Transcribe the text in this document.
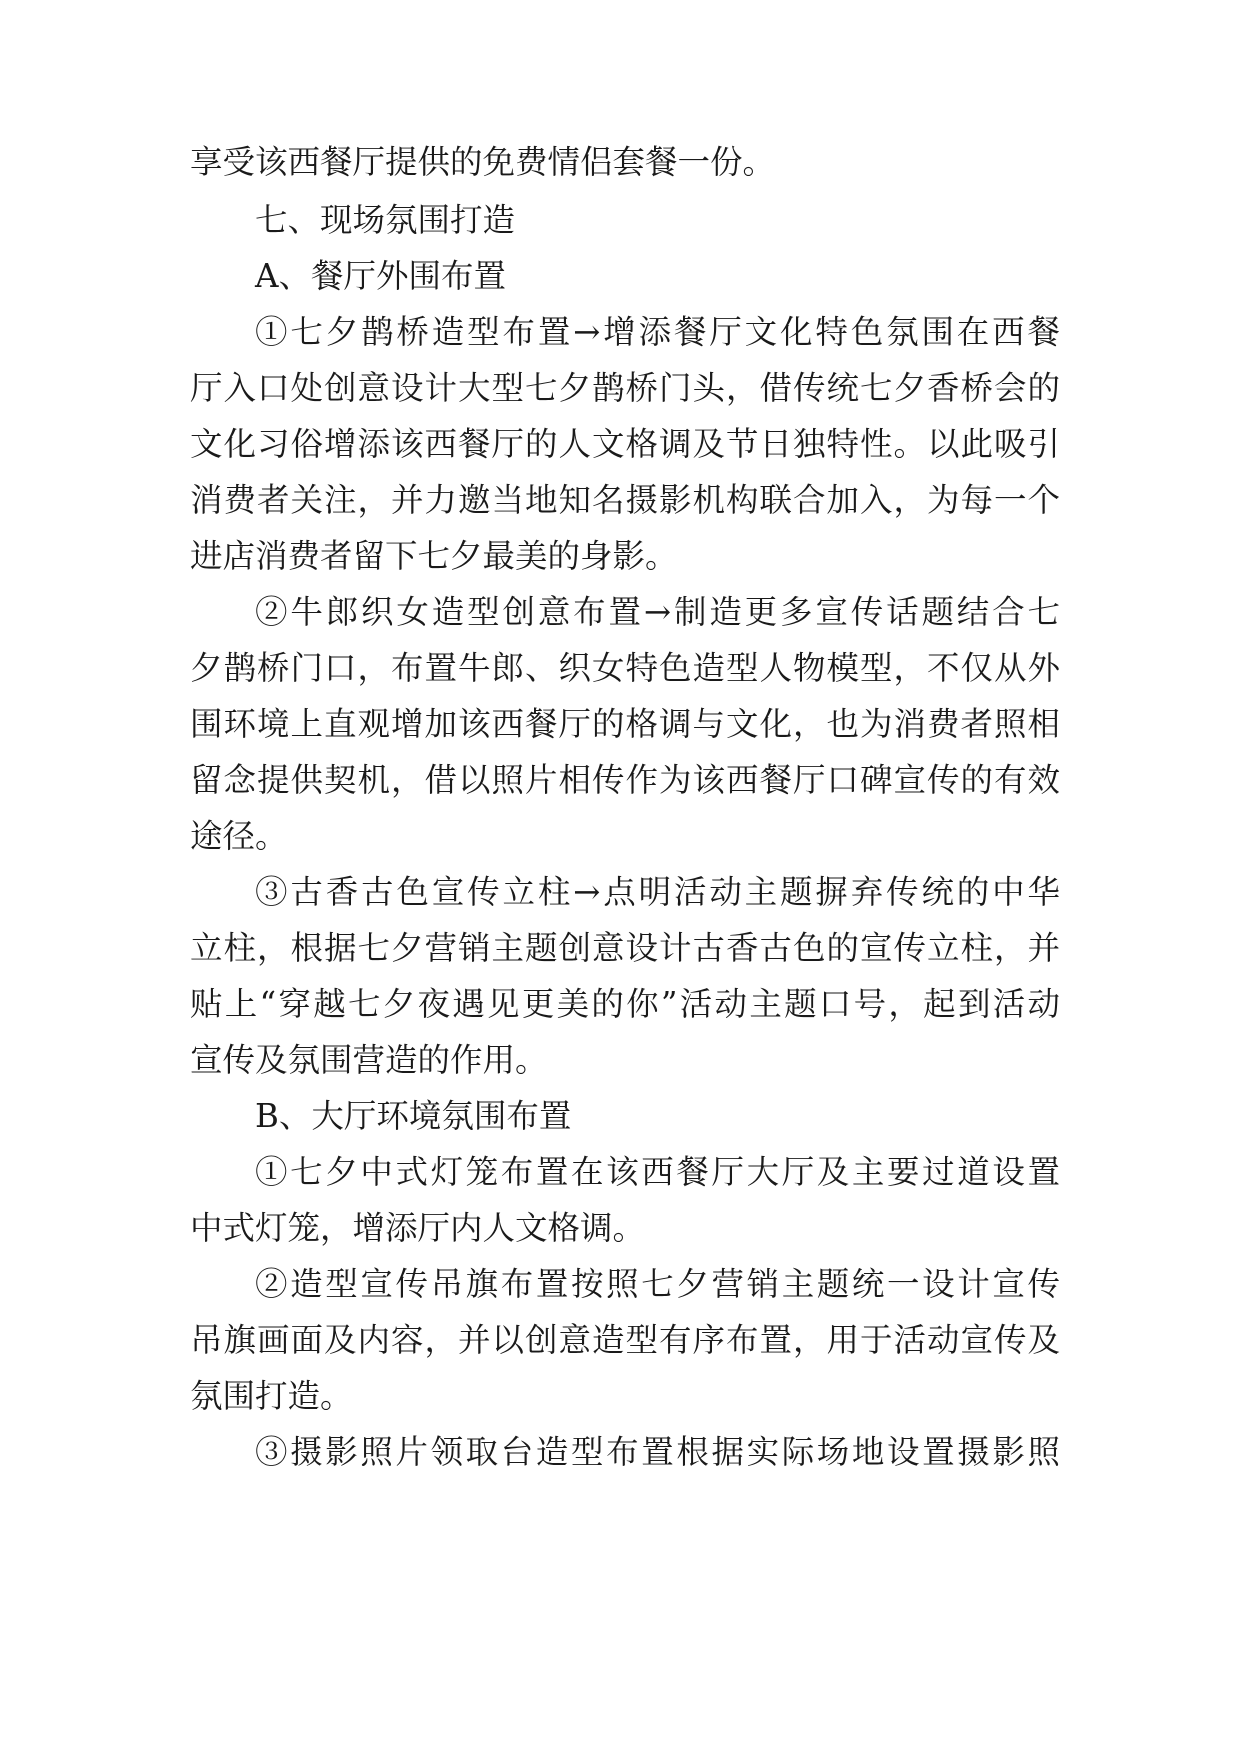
享受该西餐厅提供的免费情侣套餐一份。
七、现场氛围打造
A、餐厅外围布置
①七夕鹊桥造型布置→增添餐厅文化特色氛围在西餐
厅入口处创意设计大型七夕鹊桥门头，借传统七夕香桥会的
文化习俗增添该西餐厅的人文格调及节日独特性。以此吸引
消费者关注，并力邀当地知名摄影机构联合加入，为每一个
进店消费者留下七夕最美的身影。
②牛郎织女造型创意布置→制造更多宣传话题结合七
夕鹊桥门口，布置牛郎、织女特色造型人物模型，不仅从外
围环境上直观增加该西餐厅的格调与文化，也为消费者照相
留念提供契机，借以照片相传作为该西餐厅口碑宣传的有效
途径。
③古香古色宣传立柱→点明活动主题摒弃传统的中华
立柱，根据七夕营销主题创意设计古香古色的宣传立柱，并
贴上“穿越七夕夜遇见更美的你”活动主题口号，起到活动
宣传及氛围营造的作用。
B、大厅环境氛围布置
①七夕中式灯笼布置在该西餐厅大厅及主要过道设置
中式灯笼，增添厅内人文格调。
②造型宣传吊旗布置按照七夕营销主题统一设计宣传
吊旗画面及内容，并以创意造型有序布置，用于活动宣传及
氛围打造。
③摄影照片领取台造型布置根据实际场地设置摄影照
